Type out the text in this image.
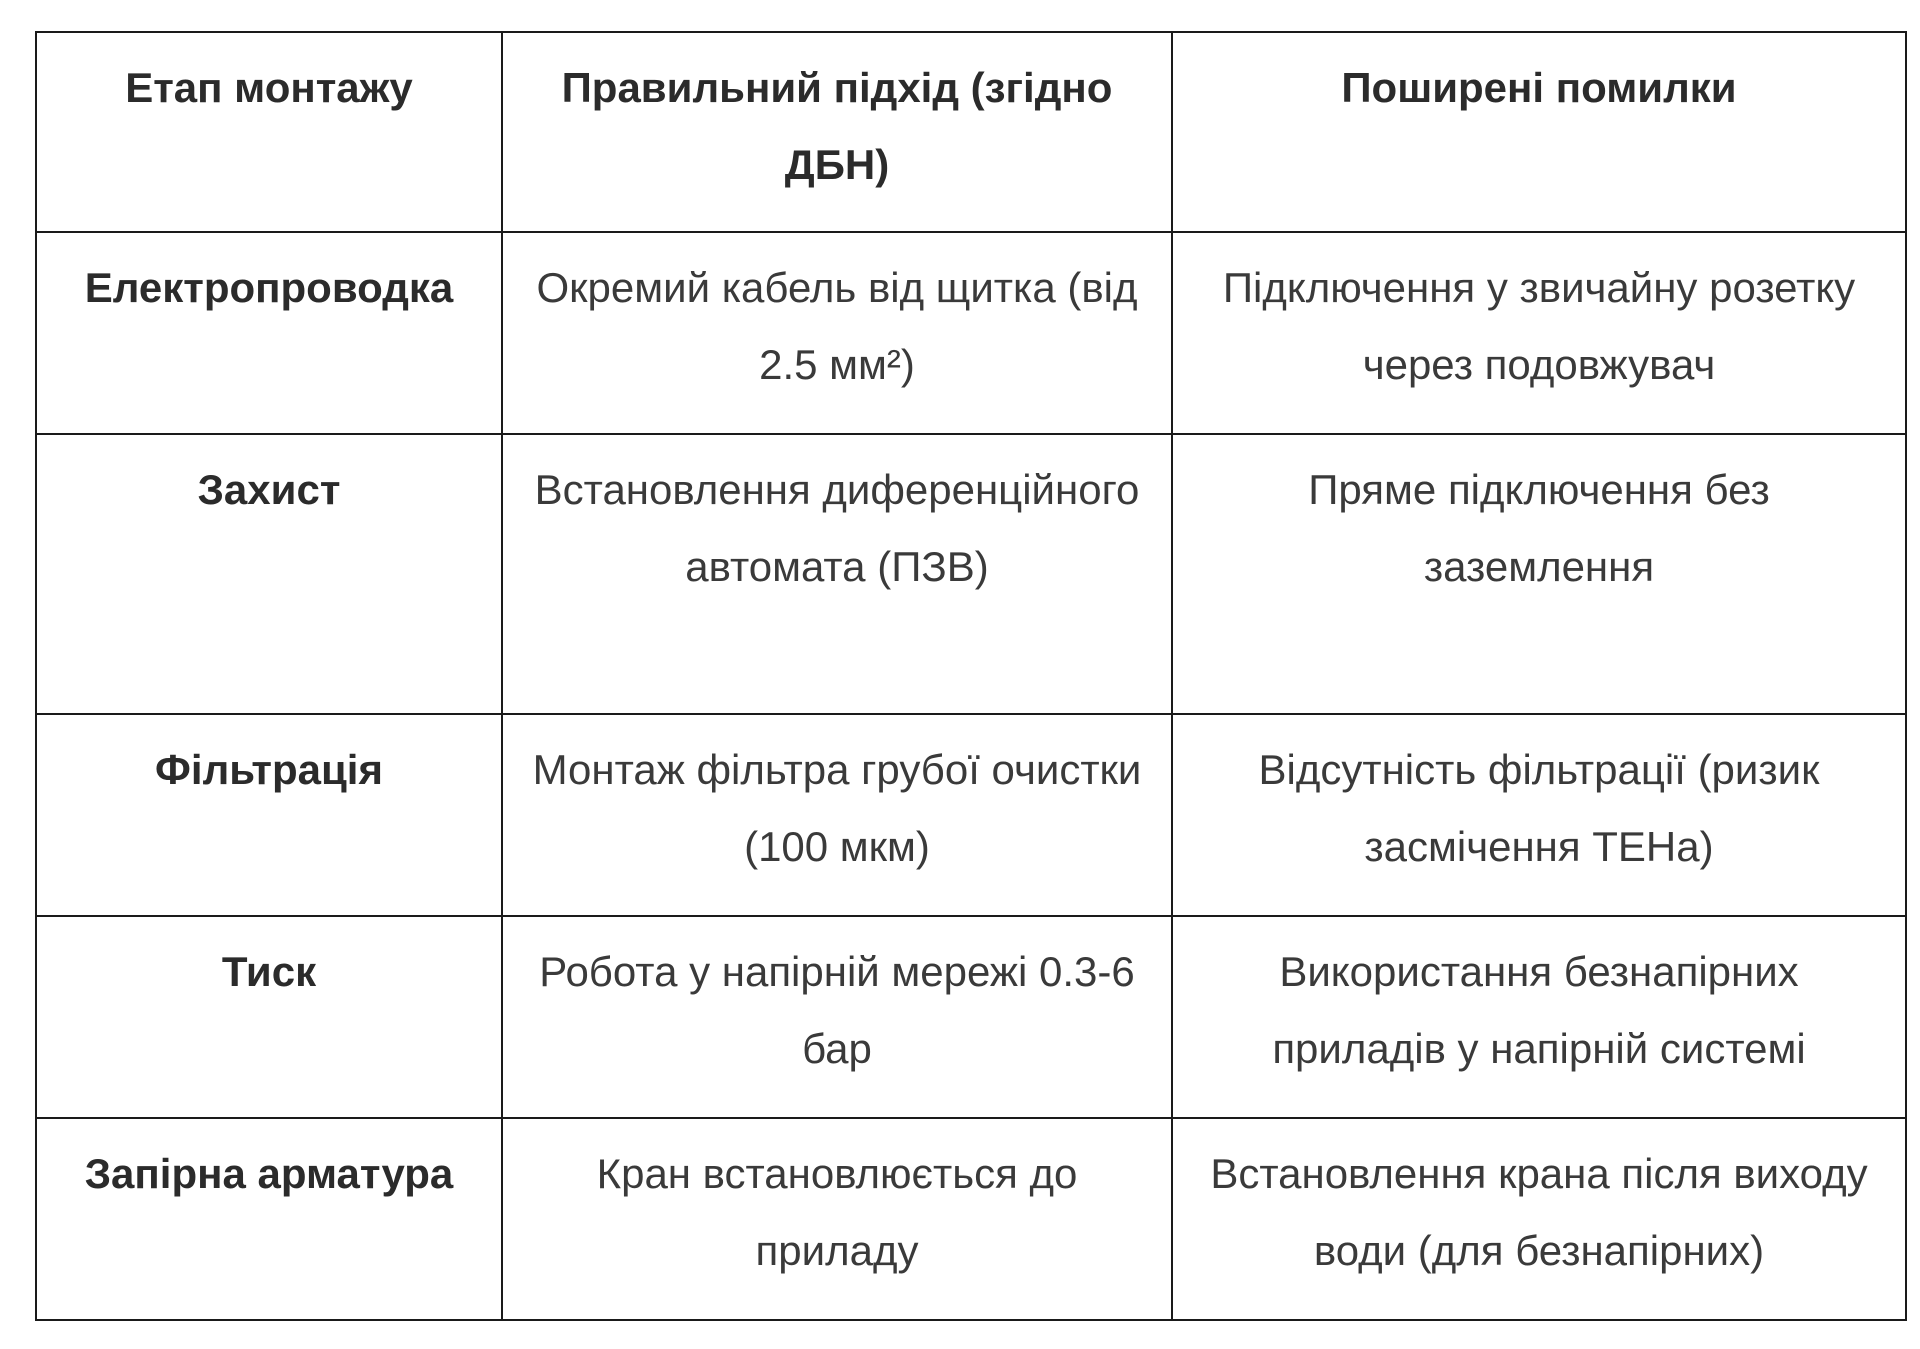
Етап монтажу	Правильний підхід (згідно ДБН)	Поширені помилки
Електропроводка	Окремий кабель від щитка (від 2.5 мм²)	Підключення у звичайну розетку через подовжувач
Захист	Встановлення диференційного автомата (ПЗВ)	Пряме підключення без заземлення
Фільтрація	Монтаж фільтра грубої очистки (100 мкм)	Відсутність фільтрації (ризик засмічення ТЕНа)
Тиск	Робота у напірній мережі 0.3-6 бар	Використання безнапірних приладів у напірній системі
Запірна арматура	Кран встановлюється до приладу	Встановлення крана після виходу води (для безнапірних)
